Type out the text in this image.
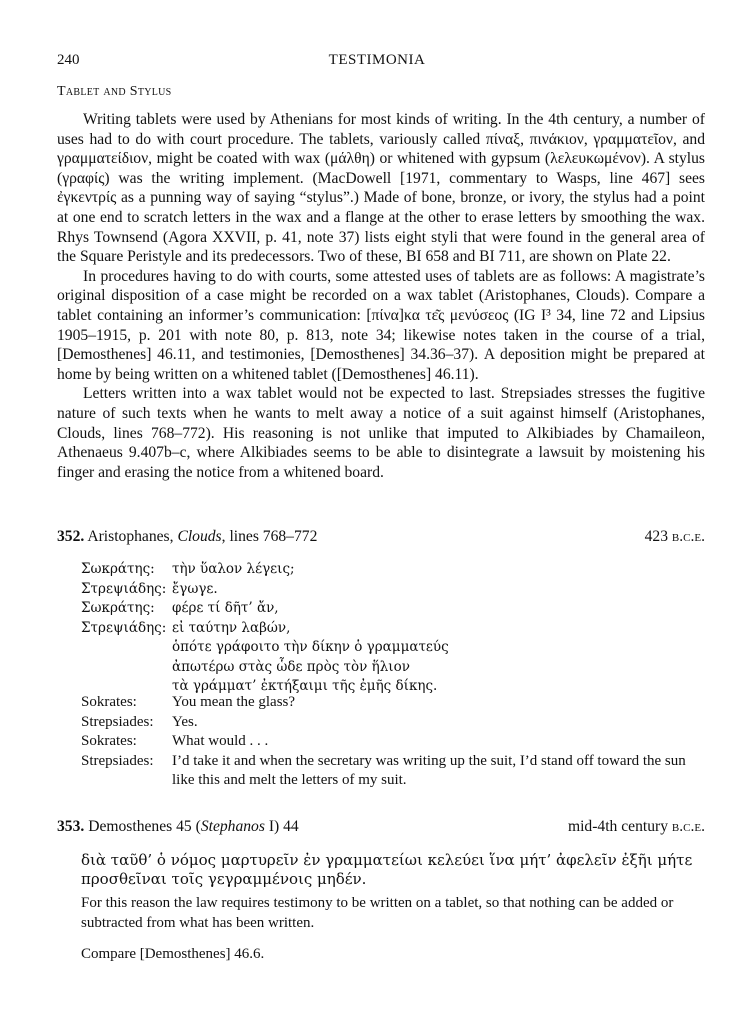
240	TESTIMONIA
Tablet and Stylus

Writing tablets were used by Athenians for most kinds of writing. In the 4th century, a number of uses had to do with court procedure. The tablets, variously called πίναξ, πινάκιον, γραμματεῖον, and γραμματείδιον, might be coated with wax (μάλθη) or whitened with gypsum (λελευκωμένον). A stylus (γραφίς) was the writing implement. (MacDowell [1971, commentary to Wasps, line 467] sees ἐγκεντρίς as a punning way of saying “stylus”.) Made of bone, bronze, or ivory, the stylus had a point at one end to scratch letters in the wax and a flange at the other to erase letters by smoothing the wax. Rhys Townsend (Agora XXVII, p. 41, note 37) lists eight styli that were found in the general area of the Square Peristyle and its predecessors. Two of these, BI 658 and BI 711, are shown on Plate 22.

In procedures having to do with courts, some attested uses of tablets are as follows: A magistrate’s original disposition of a case might be recorded on a wax tablet (Aristophanes, Clouds). Compare a tablet containing an informer’s communication: [πίνα]κα τε͂ς μενύσεος (IG I³ 34, line 72 and Lipsius 1905–1915, p. 201 with note 80, p. 813, note 34; likewise notes taken in the course of a trial, [Demosthenes] 46.11, and testimonies, [Demosthenes] 34.36–37). A deposition might be prepared at home by being written on a whitened tablet ([Demosthenes] 46.11).

Letters written into a wax tablet would not be expected to last. Strepsiades stresses the fugitive nature of such texts when he wants to melt away a notice of a suit against himself (Aristophanes, Clouds, lines 768–772). His reasoning is not unlike that imputed to Alkibiades by Chamaileon, Athenaeus 9.407b–c, where Alkibiades seems to be able to disintegrate a lawsuit by moistening his finger and erasing the notice from a whitened board.

352. Aristophanes, Clouds, lines 768–772	423 b.c.e.
Σωκράτης:	τὴν ὕαλον λέγεις;
Στρεψιάδης: ἔγωγε.
Σωκράτης:	φέρε τί δῆτ’ ἄν,
Στρεψιάδης: εἰ ταύτην λαβών,
ὁπότε γράφοιτο τὴν δίκην ὁ γραμματεύς
ἀπωτέρω στὰς ὧδε πρὸς τὸν ἥλιον
τὰ γράμματ’ ἐκτήξαιμι τῆς ἐμῆς δίκης.
Sokrates:	You mean the glass?
Strepsiades:	Yes.
Sokrates:	What would . . .
Strepsiades:	I’d take it and when the secretary was writing up the suit, I’d stand off toward the sun like this and melt the letters of my suit.
353. Demosthenes 45 (Stephanos I) 44	mid-4th century b.c.e.
διὰ ταῦθ’ ὁ νόμος μαρτυρεῖν ἐν γραμματείωι κελεύει ἵνα μήτ’ ἀφελεῖν ἐξῆι μήτε προσθεῖναι τοῖς γεγραμμένοις μηδέν.
For this reason the law requires testimony to be written on a tablet, so that nothing can be added or subtracted from what has been written.
Compare [Demosthenes] 46.6.
